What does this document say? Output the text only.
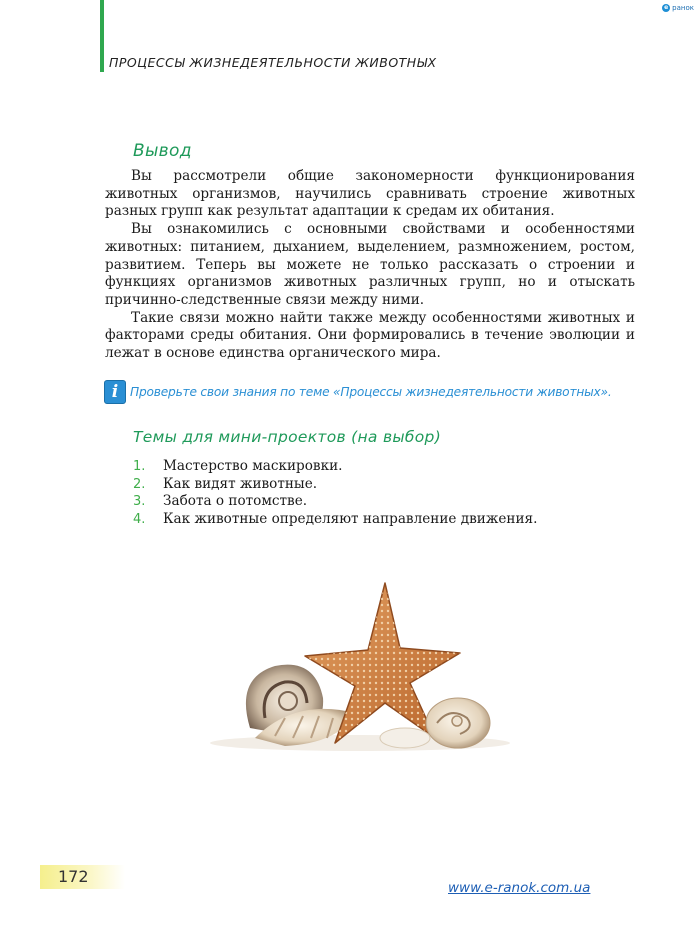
ПРОЦЕССЫ ЖИЗНЕДЕЯТЕЛЬНОСТИ ЖИВОТНЫХ
e ранок
Вывод

Вы рассмотрели общие закономерности функционирования животных организмов, научились сравнивать строение животных разных групп как результат адаптации к средам их обитания.

Вы ознакомились с основными свойствами и особенностями животных: питанием, дыханием, выделением, размножением, ростом, развитием. Теперь вы можете не только рассказать о строении и функциях организмов животных различных групп, но и отыскать причинно-следственные связи между ними.

Такие связи можно найти также между особенностями животных и факторами среды обитания. Они формировались в течение эволюции и лежат в основе единства органического мира.

i Проверьте свои знания по теме «Процессы жизнедеятельности животных».
Темы для мини-проектов (на выбор)
1.	Мастерство маскировки.
2.	Как видят животные.
3.	Забота о потомстве.
4.	Как животные определяют направление движения.
172
www.e-ranok.com.ua
